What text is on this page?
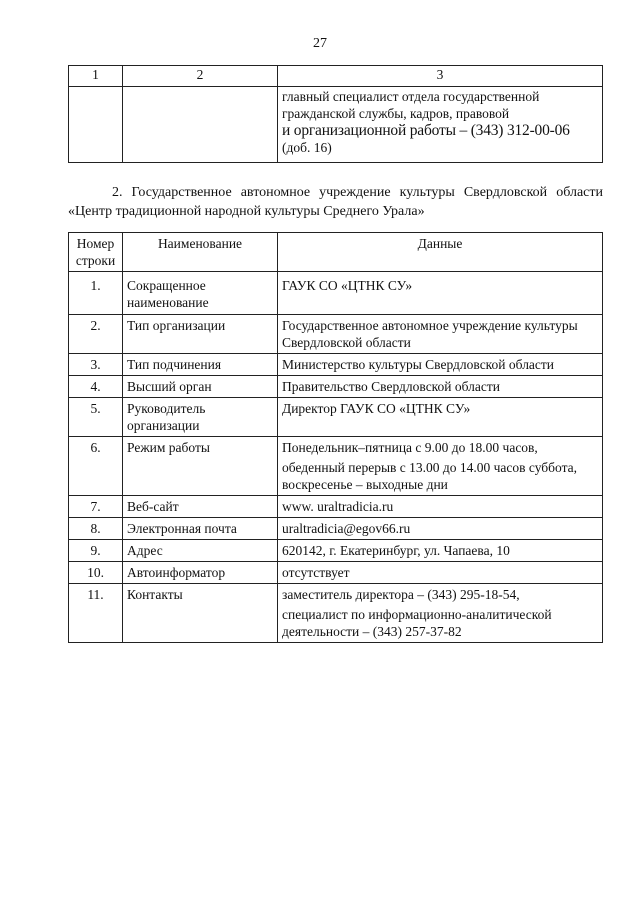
27
1	2	3

		главный специалист отдела государственной
гражданской службы, кадров, правовой
и организационной работы – (343) 312-00-06
(доб. 16)
2. Государственное автономное учреждение культуры Свердловской области «Центр традиционной народной культуры Среднего Урала»
Номер
строки	Наименование	Данные
1.	Сокращенное наименование	ГАУК СО «ЦТНК СУ»

2.	Тип организации	Государственное автономное учреждение культуры Свердловской области

3.	Тип подчинения	Министерство культуры Свердловской области

4.	Высший орган	Правительство Свердловской области

5.	Руководитель организации	Директор ГАУК СО «ЦТНК СУ»

6.	Режим работы	Понедельник–пятница с 9.00 до 18.00 часов,
обеденный перерыв с 13.00 до 14.00 часов суббота, воскресенье – выходные дни

7.	Веб-сайт	www. uraltradicia.ru

8.	Электронная почта	uraltradicia@egov66.ru

9.	Адрес	620142, г. Екатеринбург, ул. Чапаева, 10

10.	Автоинформатор	отсутствует

11.	Контакты	заместитель директора – (343) 295-18-54,
специалист по информационно-аналитической деятельности – (343) 257-37-82
